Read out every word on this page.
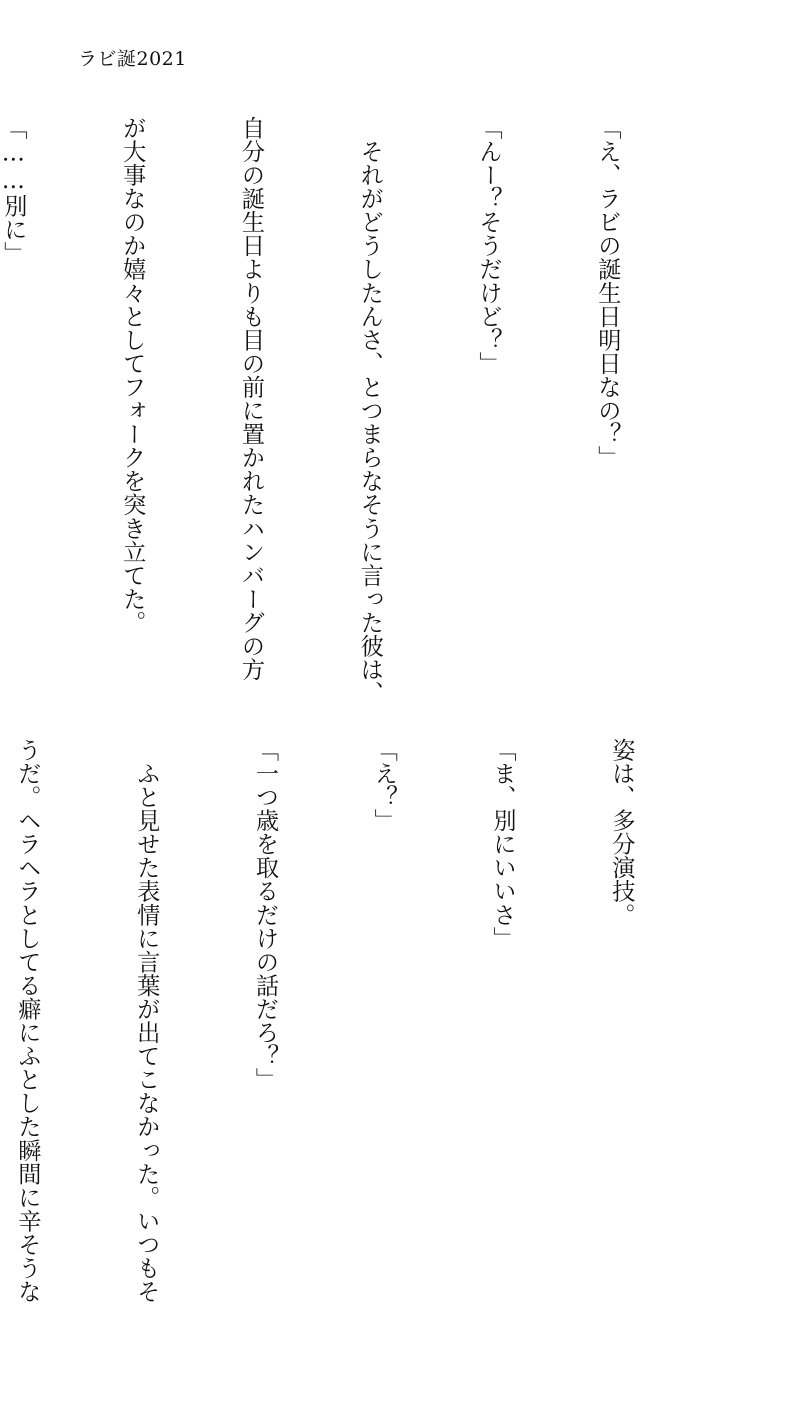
ラビ誕2021

「え、ラビの誕生日明日なの？」

「んー？そうだけど？」

　それがどうしたんさ、とつまらなそうに言った彼は、

自分の誕生日よりも目の前に置かれたハンバーグの方

が大事なのか嬉々としてフォークを突き立てた。

「……別に」

姿は、多分演技。

「ま、別にいいさ」

「え？」

「一つ歳を取るだけの話だろ？」

　ふと見せた表情に言葉が出てこなかった。いつもそ

うだ。ヘラヘラとしてる癖にふとした瞬間に辛そうな
